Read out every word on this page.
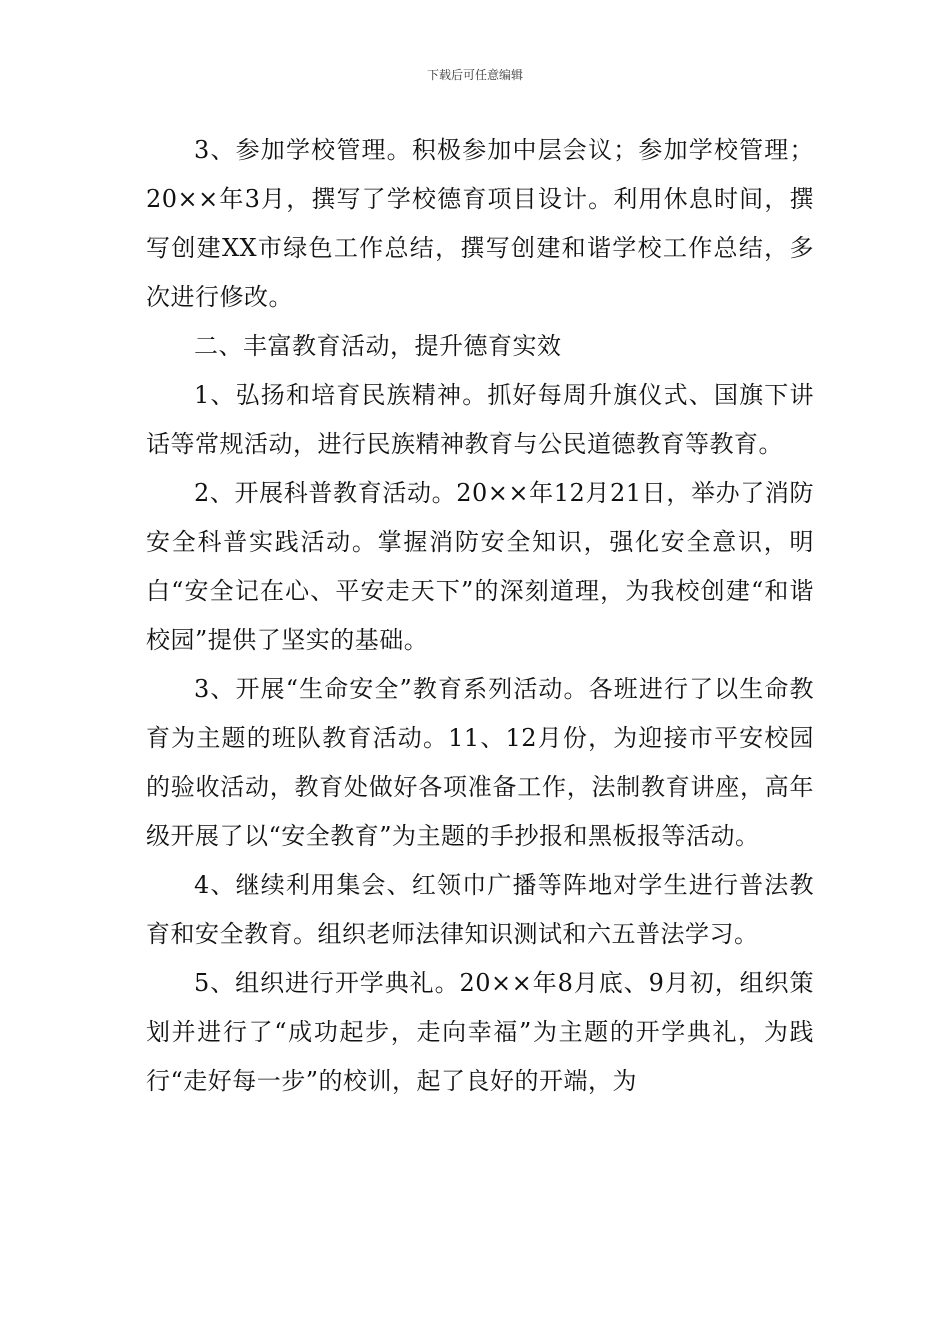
下载后可任意编辑

3、参加学校管理。积极参加中层会议；参加学校管理；20××年3月，撰写了学校德育项目设计。利用休息时间，撰写创建XX市绿色工作总结，撰写创建和谐学校工作总结，多次进行修改。

二、丰富教育活动，提升德育实效

1、弘扬和培育民族精神。抓好每周升旗仪式、国旗下讲话等常规活动，进行民族精神教育与公民道德教育等教育。

2、开展科普教育活动。20××年12月21日，举办了消防安全科普实践活动。掌握消防安全知识，强化安全意识，明白“安全记在心、平安走天下”的深刻道理，为我校创建“和谐校园”提供了坚实的基础。

3、开展“生命安全”教育系列活动。各班进行了以生命教育为主题的班队教育活动。11、12月份，为迎接市平安校园的验收活动，教育处做好各项准备工作，法制教育讲座，高年级开展了以“安全教育”为主题的手抄报和黑板报等活动。

4、继续利用集会、红领巾广播等阵地对学生进行普法教育和安全教育。组织老师法律知识测试和六五普法学习。

5、组织进行开学典礼。20××年8月底、9月初，组织策划并进行了“成功起步，走向幸福”为主题的开学典礼，为践行“走好每一步”的校训，起了良好的开端，为
